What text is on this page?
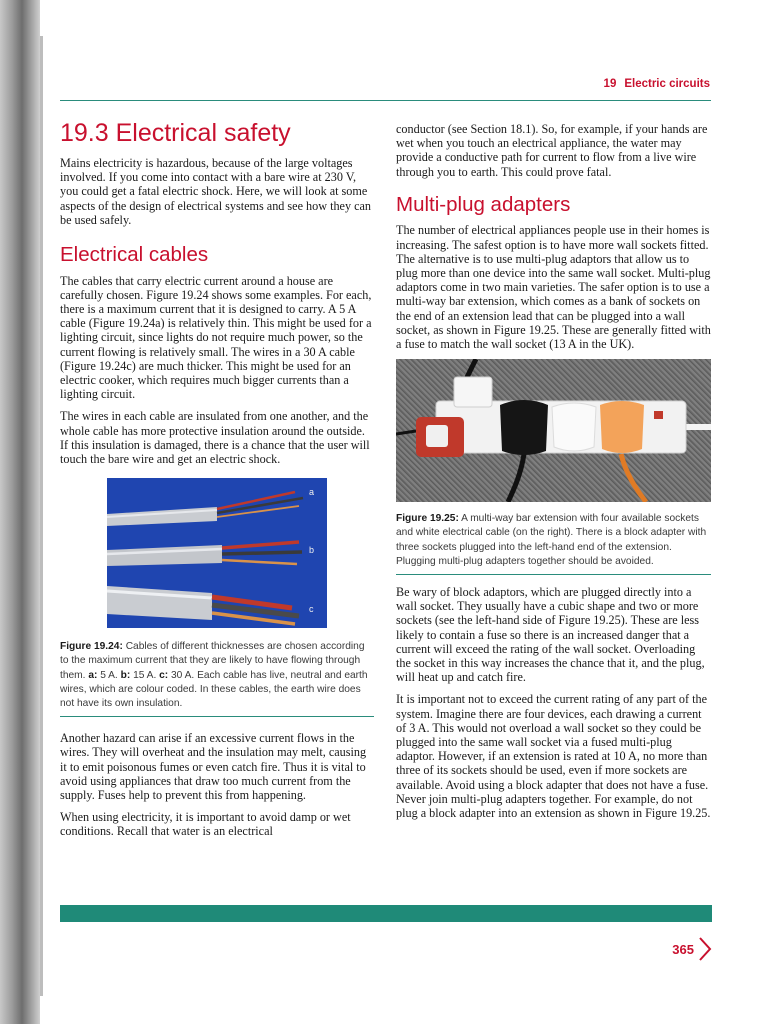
19 Electric circuits
19.3 Electrical safety

Mains electricity is hazardous, because of the large voltages involved. If you come into contact with a bare wire at 230 V, you could get a fatal electric shock. Here, we will look at some aspects of the design of electrical systems and see how they can be used safely.

Electrical cables

The cables that carry electric current around a house are carefully chosen. Figure 19.24 shows some examples. For each, there is a maximum current that it is designed to carry. A 5 A cable (Figure 19.24a) is relatively thin. This might be used for a lighting circuit, since lights do not require much power, so the current flowing is relatively small. The wires in a 30 A cable (Figure 19.24c) are much thicker. This might be used for an electric cooker, which requires much bigger currents than a lighting circuit.

The wires in each cable are insulated from one another, and the whole cable has more protective insulation around the outside. If this insulation is damaged, there is a chance that the user will touch the bare wire and get an electric shock.

a
b
c

Figure 19.24: Cables of different thicknesses are chosen according to the maximum current that they are likely to have flowing through them. a: 5 A. b: 15 A. c: 30 A. Each cable has live, neutral and earth wires, which are colour coded. In these cables, the earth wire does not have its own insulation.

Another hazard can arise if an excessive current flows in the wires. They will overheat and the insulation may melt, causing it to emit poisonous fumes or even catch fire. Thus it is vital to avoid using appliances that draw too much current from the supply. Fuses help to prevent this from happening.

When using electricity, it is important to avoid damp or wet conditions. Recall that water is an electrical

conductor (see Section 18.1). So, for example, if your hands are wet when you touch an electrical appliance, the water may provide a conductive path for current to flow from a live wire through you to earth. This could prove fatal.

Multi-plug adapters

The number of electrical appliances people use in their homes is increasing. The safest option is to have more wall sockets fitted. The alternative is to use multi-plug adaptors that allow us to plug more than one device into the same wall socket. Multi-plug adaptors come in two main varieties. The safer option is to use a multi-way bar extension, which comes as a bank of sockets on the end of an extension lead that can be plugged into a wall socket, as shown in Figure 19.25. These are generally fitted with a fuse to match the wall socket (13 A in the UK).

Figure 19.25: A multi-way bar extension with four available sockets and white electrical cable (on the right). There is a block adapter with three sockets plugged into the left-hand end of the extension. Plugging multi-plug adapters together should be avoided.

Be wary of block adaptors, which are plugged directly into a wall socket. They usually have a cubic shape and two or more sockets (see the left-hand side of Figure 19.25). These are less likely to contain a fuse so there is an increased danger that a current will exceed the rating of the wall socket. Overloading the socket in this way increases the chance that it, and the plug, will heat up and catch fire.

It is important not to exceed the current rating of any part of the system. Imagine there are four devices, each drawing a current of 3 A. This would not overload a wall socket so they could be plugged into the same wall socket via a fused multi-plug adaptor. However, if an extension is rated at 10 A, no more than three of its sockets should be used, even if more sockets are available. Avoid using a block adapter that does not have a fuse. Never join multi-plug adapters together. For example, do not plug a block adapter into an extension as shown in Figure 19.25.

365
